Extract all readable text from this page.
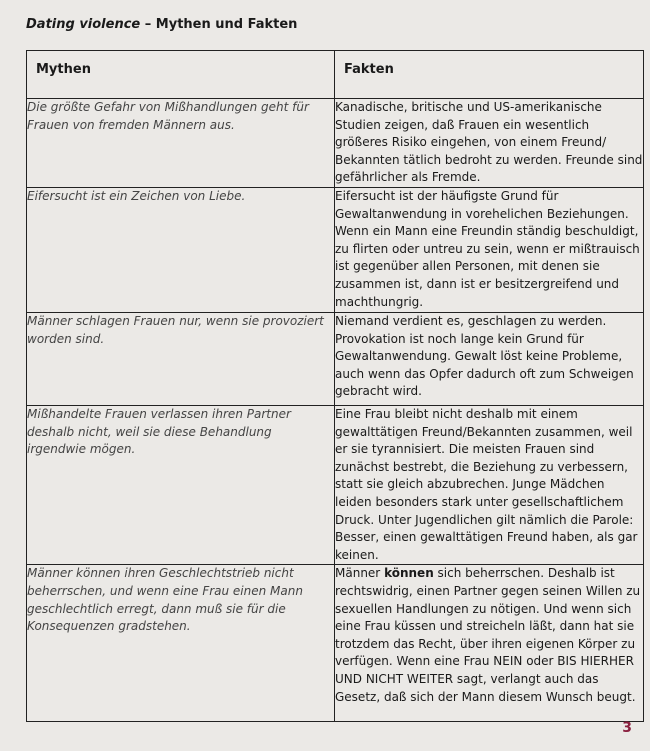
Dating violence – Mythen und Fakten
Mythen	Fakten

Die größte Gefahr von Mißhandlungen geht für Frauen von fremden Männern aus.	Kanadische, britische und US-amerikanische Studien zeigen, daß Frauen ein wesentlich größeres Risiko eingehen, von einem Freund/ Bekannten tätlich bedroht zu werden. Freunde sind gefährlicher als Fremde.
Eifersucht ist ein Zeichen von Liebe.	Eifersucht ist der häufigste Grund für Gewaltanwendung in vorehelichen Beziehungen. Wenn ein Mann eine Freundin ständig beschuldigt, zu flirten oder untreu zu sein, wenn er mißtrauisch ist gegenüber allen Personen, mit denen sie zusammen ist, dann ist er besitzergreifend und machthungrig.
Männer schlagen Frauen nur, wenn sie provoziert worden sind.	Niemand verdient es, geschlagen zu werden. Provokation ist noch lange kein Grund für Gewaltanwendung. Gewalt löst keine Probleme, auch wenn das Opfer dadurch oft zum Schweigen gebracht wird.
Mißhandelte Frauen verlassen ihren Partner deshalb nicht, weil sie diese Behandlung irgendwie mögen.	Eine Frau bleibt nicht deshalb mit einem gewalttätigen Freund/Bekannten zusammen, weil er sie tyrannisiert. Die meisten Frauen sind zunächst bestrebt, die Beziehung zu verbessern, statt sie gleich abzubrechen. Junge Mädchen leiden besonders stark unter gesellschaftlichem Druck. Unter Jugendlichen gilt nämlich die Parole: Besser, einen gewalttätigen Freund haben, als gar keinen.
Männer können ihren Geschlechtstrieb nicht beherrschen, und wenn eine Frau einen Mann geschlechtlich erregt, dann muß sie für die Konsequenzen gradstehen.	Männer können sich beherrschen. Deshalb ist rechtswidrig, einen Partner gegen seinen Willen zu sexuellen Handlungen zu nötigen. Und wenn sich eine Frau küssen und streicheln läßt, dann hat sie trotzdem das Recht, über ihren eigenen Körper zu verfügen. Wenn eine Frau NEIN oder BIS HIERHER UND NICHT WEITER sagt, verlangt auch das Gesetz, daß sich der Mann diesem Wunsch beugt.
3
